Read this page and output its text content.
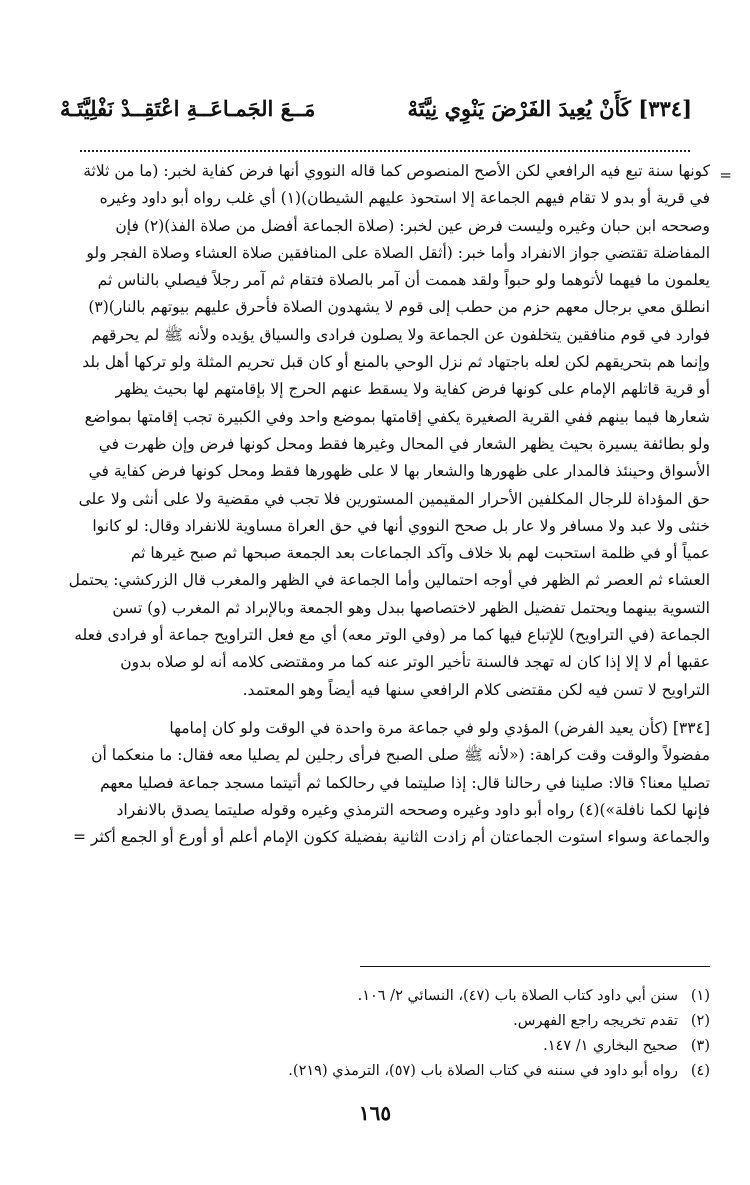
[٣٣٤] كَأَنْ يُعِيدَ الفَرْضَ يَنْوِي نِيَّتَهْ
مَــعَ الجَمـاعَــةِ اعْتَقِــدْ نَفْلِيَّتَـهْ
=
كونها سنة تبع فيه الرافعي لكن الأصح المنصوص كما قاله النووي أنها فرض كفاية لخبر: (ما من ثلاثة
في قرية أو بدو لا تقام فيهم الجماعة إلا استحوذ عليهم الشيطان)(١) أي غلب رواه أبو داود وغيره
وصححه ابن حبان وغيره وليست فرض عين لخبر: (صلاة الجماعة أفضل من صلاة الفذ)(٢) فإن
المفاضلة تقتضي جواز الانفراد وأما خبر: (أثقل الصلاة على المنافقين صلاة العشاء وصلاة الفجر ولو
يعلمون ما فيهما لأتوهما ولو حبواً ولقد هممت أن آمر بالصلاة فتقام ثم آمر رجلاً فيصلي بالناس ثم
انطلق معي برجال معهم حزم من حطب إلى قوم لا يشهدون الصلاة فأحرق عليهم بيوتهم بالنار)(٣)
فوارد في قوم منافقين يتخلفون عن الجماعة ولا يصلون فرادى والسياق يؤيده ولأنه ﷺ لم يحرقهم
وإنما هم بتحريقهم لكن لعله باجتهاد ثم نزل الوحي بالمنع أو كان قبل تحريم المثلة ولو تركها أهل بلد
أو قرية قاتلهم الإمام على كونها فرض كفاية ولا يسقط عنهم الحرج إلا بإقامتهم لها بحيث يظهر
شعارها فيما بينهم ففي القرية الصغيرة يكفي إقامتها بموضع واحد وفي الكبيرة تجب إقامتها بمواضع
ولو بطائفة يسيرة بحيث يظهر الشعار في المحال وغيرها فقط ومحل كونها فرض وإن ظهرت في
الأسواق وحينئذ فالمدار على ظهورها والشعار بها لا على ظهورها فقط ومحل كونها فرض كفاية في
حق المؤداة للرجال المكلفين الأحرار المقيمين المستورين فلا تجب في مقضية ولا على أنثى ولا على
خنثى ولا عبد ولا مسافر ولا عار بل صحح النووي أنها في حق العراة مساوية للانفراد وقال: لو كانوا
عمياً أو في ظلمة استحبت لهم بلا خلاف وآكد الجماعات بعد الجمعة صبحها ثم صبح غيرها ثم
العشاء ثم العصر ثم الظهر في أوجه احتمالين وأما الجماعة في الظهر والمغرب قال الزركشي: يحتمل
التسوية بينهما ويحتمل تفضيل الظهر لاختصاصها ببدل وهو الجمعة وبالإبراد ثم المغرب (و) تسن
الجماعة (في التراويح) للإتباع فيها كما مر (وفي الوتر معه) أي مع فعل التراويح جماعة أو فرادى فعله
عقبها أم لا إلا إذا كان له تهجد فالسنة تأخير الوتر عنه كما مر ومقتضى كلامه أنه لو صلاه بدون
التراويح لا تسن فيه لكن مقتضى كلام الرافعي سنها فيه أيضاً وهو المعتمد.
[٣٣٤] (كأن يعيد الفرض) المؤدي ولو في جماعة مرة واحدة في الوقت ولو كان إمامها
مفضولاً والوقت وقت كراهة: («لأنه ﷺ صلى الصبح فرأى رجلين لم يصليا معه فقال: ما منعكما أن
تصليا معنا؟ قالا: صلينا في رحالنا قال: إذا صليتما في رحالكما ثم أتيتما مسجد جماعة فصليا معهم
فإنها لكما نافلة»)(٤) رواه أبو داود وغيره وصححه الترمذي وغيره وقوله صليتما يصدق بالانفراد
والجماعة وسواء استوت الجماعتان أم زادت الثانية بفضيلة ككون الإمام أعلم أو أورع أو الجمع أكثر =
(١)سنن أبي داود كتاب الصلاة باب (٤٧)، النسائي ٢/ ١٠٦.
(٢)تقدم تخريجه راجع الفهرس.
(٣)صحيح البخاري ١/ ١٤٧.
(٤)رواه أبو داود في سننه في كتاب الصلاة باب (٥٧)، الترمذي (٢١٩).
١٦٥
